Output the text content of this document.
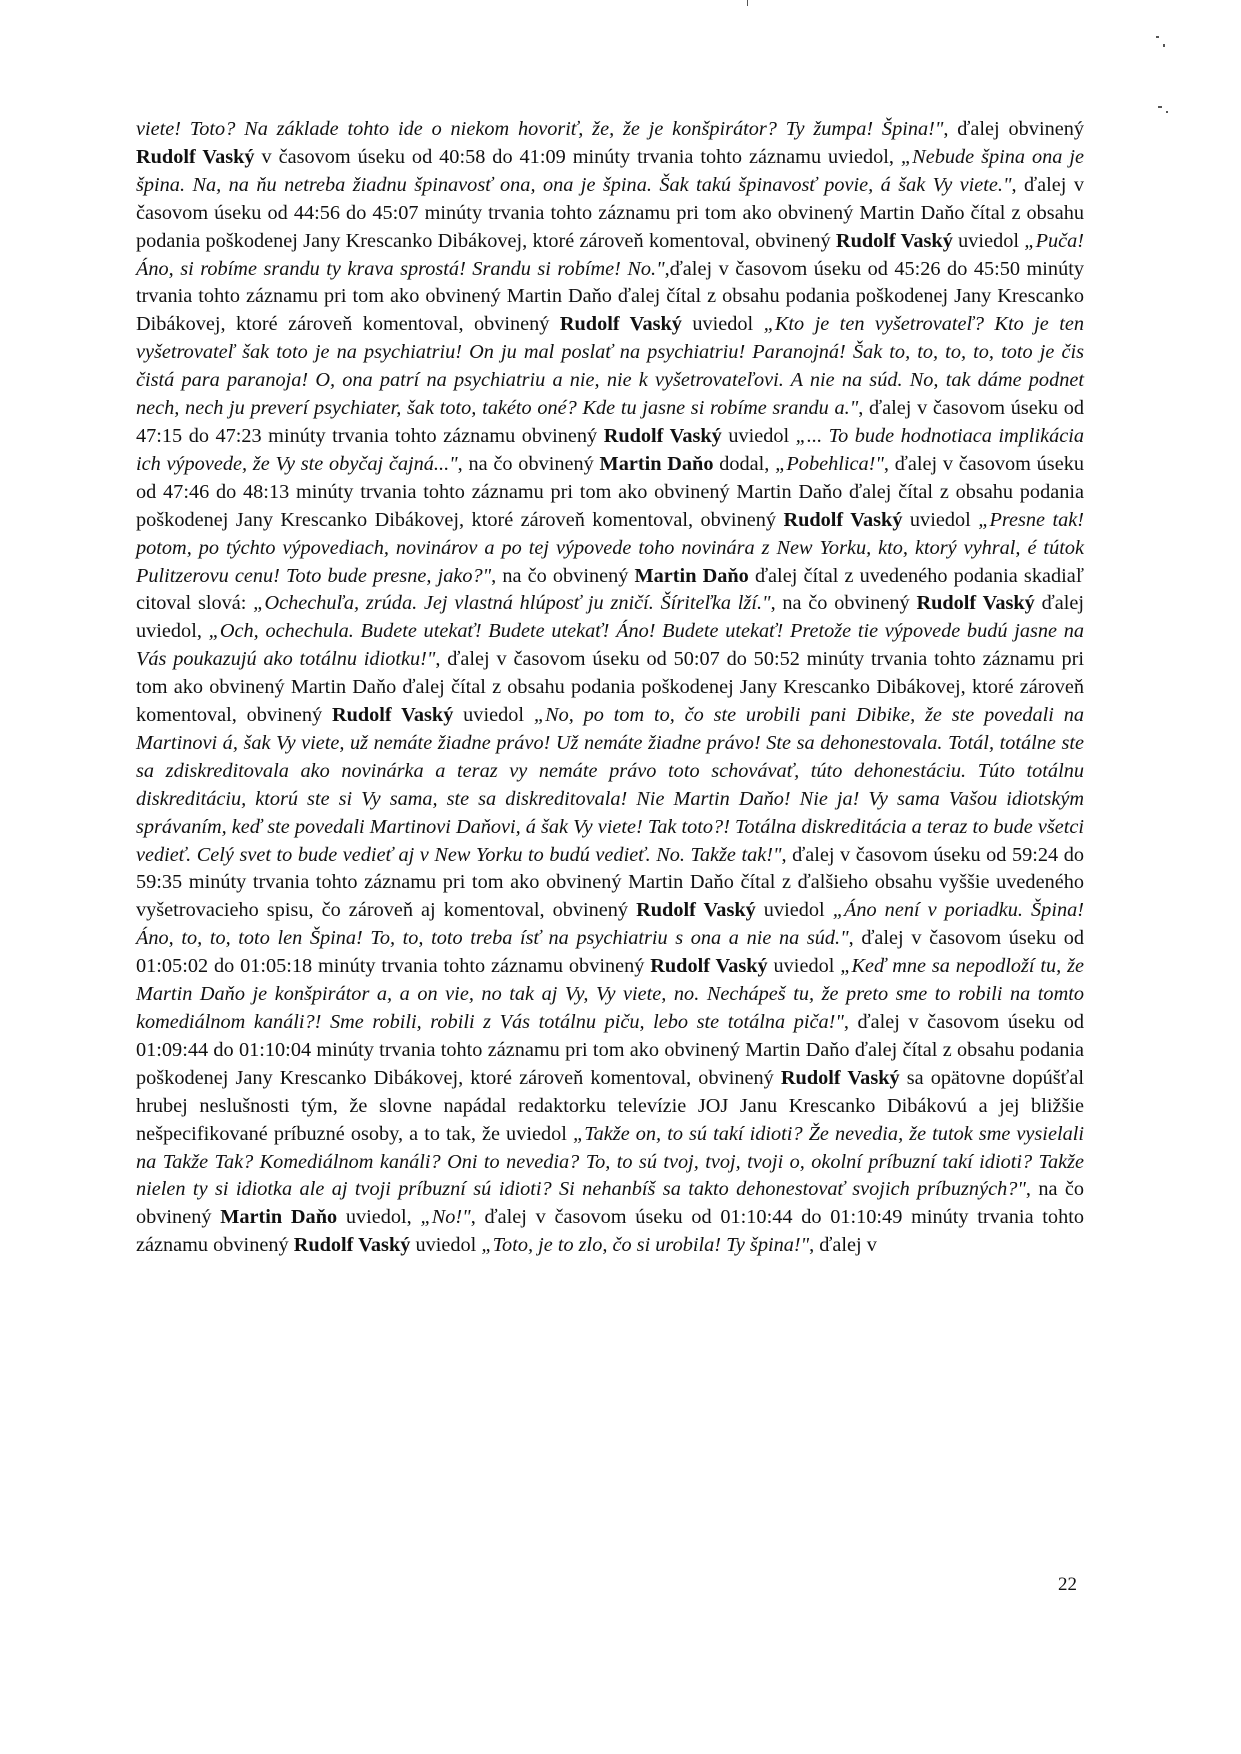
viete! Toto? Na základe tohto ide o niekom hovoriť, že, že je konšpirátor? Ty žumpa! Špina!", ďalej obvinený Rudolf Vaský v časovom úseku od 40:58 do 41:09 minúty trvania tohto záznamu uviedol, „Nebude špina ona je špina. Na, na ňu netreba žiadnu špinavosť ona, ona je špina. Šak takú špinavosť povie, á šak Vy viete.", ďalej v časovom úseku od 44:56 do 45:07 minúty trvania tohto záznamu pri tom ako obvinený Martin Daňo čítal z obsahu podania poškodenej Jany Krescanko Dibákovej, ktoré zároveň komentoval, obvinený Rudolf Vaský uviedol „Puča! Áno, si robíme srandu ty krava sprostá! Srandu si robíme! No.",ďalej v časovom úseku od 45:26 do 45:50 minúty trvania tohto záznamu pri tom ako obvinený Martin Daňo ďalej čítal z obsahu podania poškodenej Jany Krescanko Dibákovej, ktoré zároveň komentoval, obvinený Rudolf Vaský uviedol „Kto je ten vyšetrovateľ? Kto je ten vyšetrovateľ šak toto je na psychiatriu! On ju mal poslať na psychiatriu! Paranojná! Šak to, to, to, to, toto je čis čistá para paranoja! O, ona patrí na psychiatriu a nie, nie k vyšetrovateľovi. A nie na súd. No, tak dáme podnet nech, nech ju preverí psychiater, šak toto, takéto oné? Kde tu jasne si robíme srandu a.", ďalej v časovom úseku od 47:15 do 47:23 minúty trvania tohto záznamu obvinený Rudolf Vaský uviedol „... To bude hodnotiaca implikácia ich výpovede, že Vy ste obyčaj čajná...", na čo obvinený Martin Daňo dodal, „Pobehlica!", ďalej v časovom úseku od 47:46 do 48:13 minúty trvania tohto záznamu pri tom ako obvinený Martin Daňo ďalej čítal z obsahu podania poškodenej Jany Krescanko Dibákovej, ktoré zároveň komentoval, obvinený Rudolf Vaský uviedol „Presne tak! potom, po týchto výpovediach, novinárov a po tej výpovede toho novinára z New Yorku, kto, ktorý vyhral, é tútok Pulitzerovu cenu! Toto bude presne, jako?", na čo obvinený Martin Daňo ďalej čítal z uvedeného podania skadiaľ citoval slová: „Ochechuľa, zrúda. Jej vlastná hlúposť ju zničí. Šíriteľka lží.", na čo obvinený Rudolf Vaský ďalej uviedol, „Och, ochechula. Budete utekať! Budete utekať! Áno! Budete utekať! Pretože tie výpovede budú jasne na Vás poukazujú ako totálnu idiotku!", ďalej v časovom úseku od 50:07 do 50:52 minúty trvania tohto záznamu pri tom ako obvinený Martin Daňo ďalej čítal z obsahu podania poškodenej Jany Krescanko Dibákovej, ktoré zároveň komentoval, obvinený Rudolf Vaský uviedol „No, po tom to, čo ste urobili pani Dibike, že ste povedali na Martinovi á, šak Vy viete, už nemáte žiadne právo! Už nemáte žiadne právo! Ste sa dehonestovala. Totál, totálne ste sa zdiskreditovala ako novinárka a teraz vy nemáte právo toto schovávať, túto dehonestáciu. Túto totálnu diskreditáciu, ktorú ste si Vy sama, ste sa diskreditovala! Nie Martin Daňo! Nie ja! Vy sama Vašou idiotským správaním, keď ste povedali Martinovi Daňovi, á šak Vy viete! Tak toto?! Totálna diskreditácia a teraz to bude všetci vedieť. Celý svet to bude vedieť aj v New Yorku to budú vedieť. No. Takže tak!", ďalej v časovom úseku od 59:24 do 59:35 minúty trvania tohto záznamu pri tom ako obvinený Martin Daňo čítal z ďalšieho obsahu vyššie uvedeného vyšetrovacieho spisu, čo zároveň aj komentoval, obvinený Rudolf Vaský uviedol „Áno není v poriadku. Špina! Áno, to, to, toto len Špina! To, to, toto treba ísť na psychiatriu s ona a nie na súd.", ďalej v časovom úseku od 01:05:02 do 01:05:18 minúty trvania tohto záznamu obvinený Rudolf Vaský uviedol „Keď mne sa nepodloží tu, že Martin Daňo je konšpirátor a, a on vie, no tak aj Vy, Vy viete, no. Nechápeš tu, že preto sme to robili na tomto komediálnom kanáli?! Sme robili, robili z Vás totálnu piču, lebo ste totálna piča!", ďalej v časovom úseku od 01:09:44 do 01:10:04 minúty trvania tohto záznamu pri tom ako obvinený Martin Daňo ďalej čítal z obsahu podania poškodenej Jany Krescanko Dibákovej, ktoré zároveň komentoval, obvinený Rudolf Vaský sa opätovne dopúšťal hrubej neslušnosti tým, že slovne napádal redaktorku televízie JOJ Janu Krescanko Dibákovú a jej bližšie nešpecifikované príbuzné osoby, a to tak, že uviedol „Takže on, to sú takí idioti? Že nevedia, že tutok sme vysielali na Takže Tak? Komediálnom kanáli? Oni to nevedia? To, to sú tvoj, tvoj, tvoji o, okolní príbuzní takí idioti? Takže nielen ty si idiotka ale aj tvoji príbuzní sú idioti? Si nehanbíš sa takto dehonestovať svojich príbuzných?", na čo obvinený Martin Daňo uviedol, „No!", ďalej v časovom úseku od 01:10:44 do 01:10:49 minúty trvania tohto záznamu obvinený Rudolf Vaský uviedol „Toto, je to zlo, čo si urobila! Ty špina!", ďalej v

22
